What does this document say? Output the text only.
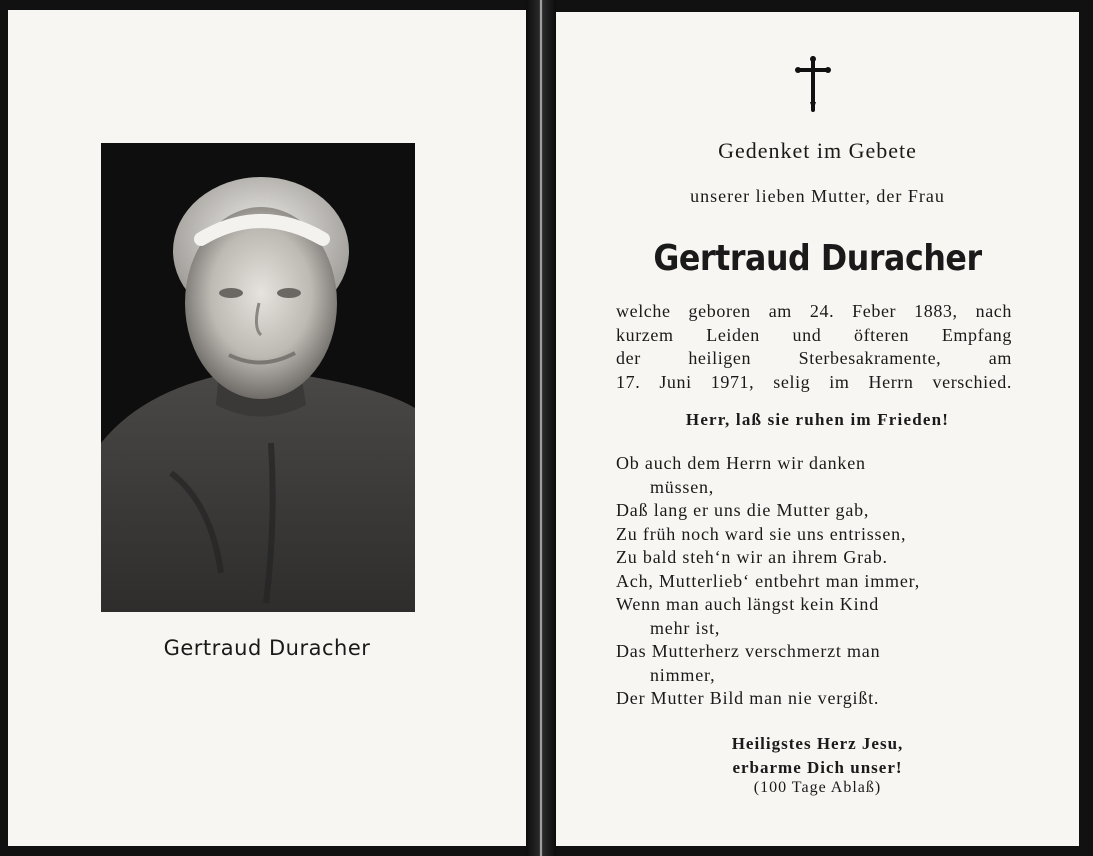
Gertraud Duracher
Gedenket im Gebete
unserer lieben Mutter, der Frau
Gertraud Duracher
welche geboren am 24. Feber 1883, nach
kurzem Leiden und öfteren Empfang
der heiligen Sterbesakramente, am
17. Juni 1971, selig im Herrn verschied.
Herr, laß sie ruhen im Frieden!
Ob auch dem Herrn wir danken
müssen,
Daß lang er uns die Mutter gab,
Zu früh noch ward sie uns entrissen,
Zu bald steh‘n wir an ihrem Grab.
Ach, Mutterlieb‘ entbehrt man immer,
Wenn man auch längst kein Kind
mehr ist,
Das Mutterherz verschmerzt man
nimmer,
Der Mutter Bild man nie vergißt.
Heiligstes Herz Jesu,
erbarme Dich unser!
(100 Tage Ablaß)
